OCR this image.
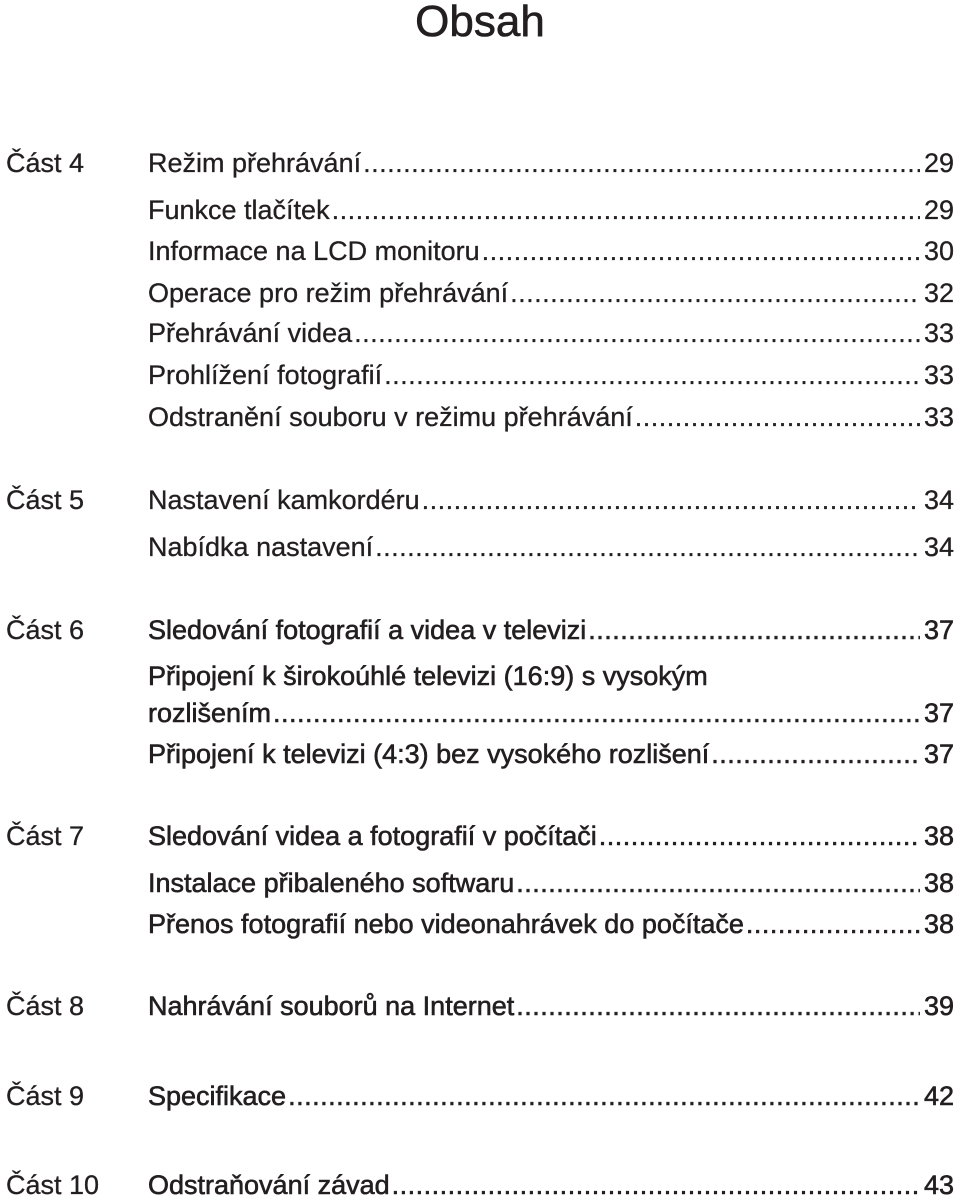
Obsah
Část 4 Režim přehrávání .....	29
Funkce tlačítek .....	29
Informace na LCD monitoru .....	30
Operace pro režim přehrávání .....	32
Přehrávání videa .....	33
Prohlížení fotografií .....	33
Odstranění souboru v režimu přehrávání .....	33
Část 5 Nastavení kamkordéru .....	34
Nabídka nastavení .....	34
Část 6 Sledování fotografií a videa v televizi .....	37
Připojení k širokoúhlé televizi (16:9) s vysokým
rozlišením .....	37
Připojení k televizi (4:3) bez vysokého rozlišení .....	37
Část 7 Sledování videa a fotografií v počítači .....	38
Instalace přibaleného softwaru .....	38
Přenos fotografií nebo videonahrávek do počítače .....	38
Část 8 Nahrávání souborů na Internet .....	39
Část 9 Specifikace .....	42
Část 10 Odstraňování závad .....	43
